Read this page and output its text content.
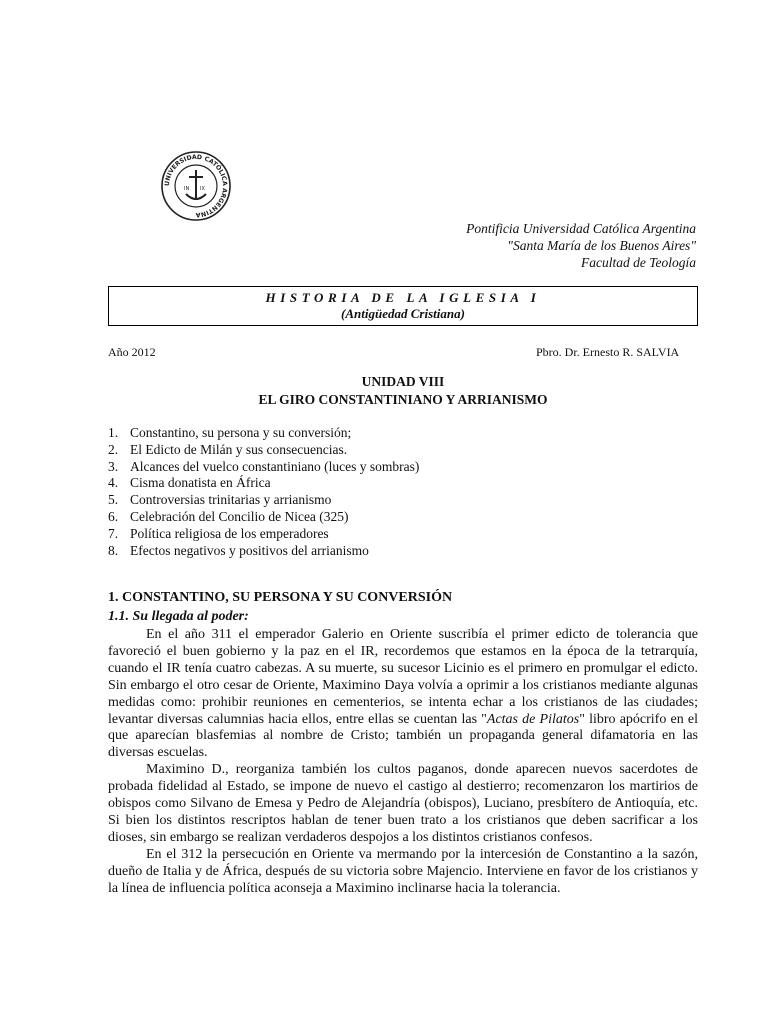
UNIVERSIDAD CATÓLICA ARGENTINA
IN IX
Pontificia Universidad Católica Argentina
"Santa María de los Buenos Aires"
Facultad de Teología
HISTORIA DE LA IGLESIA I
(Antigüedad Cristiana)
Año 2012	Pbro. Dr. Ernesto R. SALVIA
UNIDAD VIII
EL GIRO CONSTANTINIANO Y ARRIANISMO
1. Constantino, su persona y su conversión;
2. El Edicto de Milán y sus consecuencias.
3. Alcances del vuelco constantiniano (luces y sombras)
4. Cisma donatista en África
5. Controversias trinitarias y arrianismo
6. Celebración del Concilio de Nicea (325)
7. Política religiosa de los emperadores
8. Efectos negativos y positivos del arrianismo
1. CONSTANTINO, SU PERSONA Y SU CONVERSIÓN
1.1. Su llegada al poder:

En el año 311 el emperador Galerio en Oriente suscribía el primer edicto de tolerancia que favoreció el buen gobierno y la paz en el IR, recordemos que estamos en la época de la tetrarquía, cuando el IR tenía cuatro cabezas. A su muerte, su sucesor Licinio es el primero en promulgar el edicto. Sin embargo el otro cesar de Oriente, Maximino Daya volvía a oprimir a los cristianos mediante algunas medidas como: prohibir reuniones en cementerios, se intenta echar a los cristianos de las ciudades; levantar diversas calumnias hacia ellos, entre ellas se cuentan las "Actas de Pilatos" libro apócrifo en el que aparecían blasfemias al nombre de Cristo; también un propaganda general difamatoria en las diversas escuelas.

Maximino D., reorganiza también los cultos paganos, donde aparecen nuevos sacerdotes de probada fidelidad al Estado, se impone de nuevo el castigo al destierro; recomenzaron los martirios de obispos como Silvano de Emesa y Pedro de Alejandría (obispos), Luciano, presbítero de Antioquía, etc. Si bien los distintos rescriptos hablan de tener buen trato a los cristianos que deben sacrificar a los dioses, sin embargo se realizan verdaderos despojos a los distintos cristianos confesos.

En el 312 la persecución en Oriente va mermando por la intercesión de Constantino a la sazón, dueño de Italia y de África, después de su victoria sobre Majencio. Interviene en favor de los cristianos y la línea de influencia política aconseja a Maximino inclinarse hacia la tolerancia.
